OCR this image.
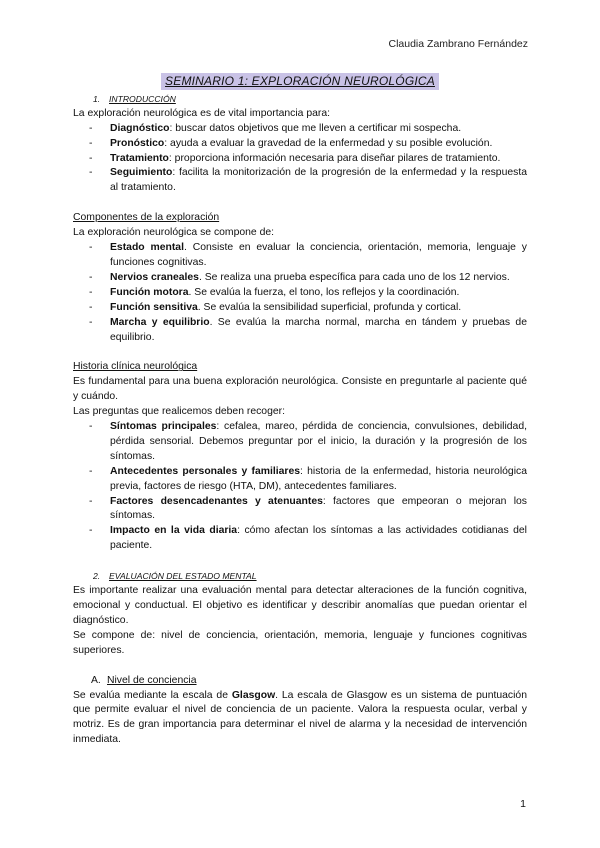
Claudia Zambrano Fernández
SEMINARIO 1: EXPLORACIÓN NEUROLÓGICA
1. INTRODUCCIÓN

La exploración neurológica es de vital importancia para:

- Diagnóstico: buscar datos objetivos que me lleven a certificar mi sospecha.
- Pronóstico: ayuda a evaluar la gravedad de la enfermedad y su posible evolución.
- Tratamiento: proporciona información necesaria para diseñar pilares de tratamiento.
- Seguimiento: facilita la monitorización de la progresión de la enfermedad y la respuesta al tratamiento.
Componentes de la exploración

La exploración neurológica se compone de:

- Estado mental. Consiste en evaluar la conciencia, orientación, memoria, lenguaje y funciones cognitivas.
- Nervios craneales. Se realiza una prueba específica para cada uno de los 12 nervios.
- Función motora. Se evalúa la fuerza, el tono, los reflejos y la coordinación.
- Función sensitiva. Se evalúa la sensibilidad superficial, profunda y cortical.
- Marcha y equilibrio. Se evalúa la marcha normal, marcha en tándem y pruebas de equilibrio.
Historia clínica neurológica

Es fundamental para una buena exploración neurológica. Consiste en preguntarle al paciente qué y cuándo.

Las preguntas que realicemos deben recoger:

- Síntomas principales: cefalea, mareo, pérdida de conciencia, convulsiones, debilidad, pérdida sensorial. Debemos preguntar por el inicio, la duración y la progresión de los síntomas.
- Antecedentes personales y familiares: historia de la enfermedad, historia neurológica previa, factores de riesgo (HTA, DM), antecedentes familiares.
- Factores desencadenantes y atenuantes: factores que empeoran o mejoran los síntomas.
- Impacto en la vida diaria: cómo afectan los síntomas a las actividades cotidianas del paciente.
2. EVALUACIÓN DEL ESTADO MENTAL

Es importante realizar una evaluación mental para detectar alteraciones de la función cognitiva, emocional y conductual. El objetivo es identificar y describir anomalías que puedan orientar el diagnóstico.

Se compone de: nivel de conciencia, orientación, memoria, lenguaje y funciones cognitivas superiores.

A. Nivel de conciencia

Se evalúa mediante la escala de Glasgow. La escala de Glasgow es un sistema de puntuación que permite evaluar el nivel de conciencia de un paciente. Valora la respuesta ocular, verbal y motriz. Es de gran importancia para determinar el nivel de alarma y la necesidad de intervención inmediata.

1
